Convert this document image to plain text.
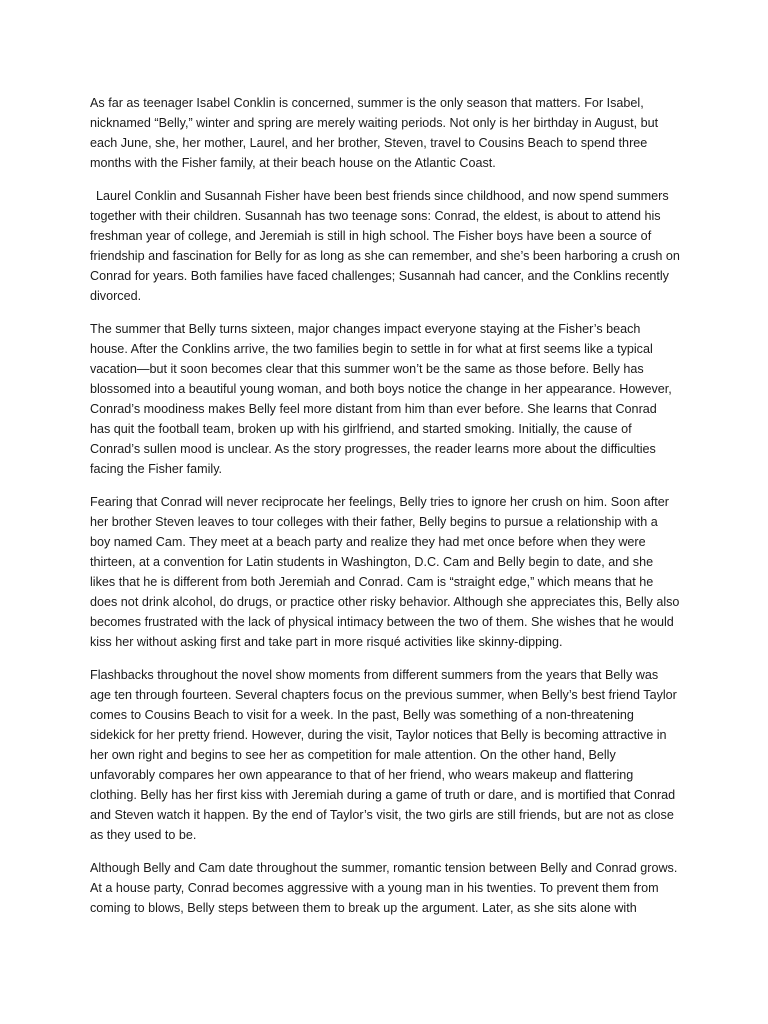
As far as teenager Isabel Conklin is concerned, summer is the only season that matters. For Isabel, nicknamed “Belly,” winter and spring are merely waiting periods. Not only is her birthday in August, but each June, she, her mother, Laurel, and her brother, Steven, travel to Cousins Beach to spend three months with the Fisher family, at their beach house on the Atlantic Coast.

Laurel Conklin and Susannah Fisher have been best friends since childhood, and now spend summers together with their children. Susannah has two teenage sons: Conrad, the eldest, is about to attend his freshman year of college, and Jeremiah is still in high school. The Fisher boys have been a source of friendship and fascination for Belly for as long as she can remember, and she’s been harboring a crush on Conrad for years. Both families have faced challenges; Susannah had cancer, and the Conklins recently divorced.

The summer that Belly turns sixteen, major changes impact everyone staying at the Fisher’s beach house. After the Conklins arrive, the two families begin to settle in for what at first seems like a typical vacation—but it soon becomes clear that this summer won’t be the same as those before. Belly has blossomed into a beautiful young woman, and both boys notice the change in her appearance. However, Conrad’s moodiness makes Belly feel more distant from him than ever before. She learns that Conrad has quit the football team, broken up with his girlfriend, and started smoking. Initially, the cause of Conrad’s sullen mood is unclear. As the story progresses, the reader learns more about the difficulties facing the Fisher family.

Fearing that Conrad will never reciprocate her feelings, Belly tries to ignore her crush on him. Soon after her brother Steven leaves to tour colleges with their father, Belly begins to pursue a relationship with a boy named Cam. They meet at a beach party and realize they had met once before when they were thirteen, at a convention for Latin students in Washington, D.C. Cam and Belly begin to date, and she likes that he is different from both Jeremiah and Conrad. Cam is “straight edge,” which means that he does not drink alcohol, do drugs, or practice other risky behavior. Although she appreciates this, Belly also becomes frustrated with the lack of physical intimacy between the two of them. She wishes that he would kiss her without asking first and take part in more risqué activities like skinny-dipping.

Flashbacks throughout the novel show moments from different summers from the years that Belly was age ten through fourteen. Several chapters focus on the previous summer, when Belly’s best friend Taylor comes to Cousins Beach to visit for a week. In the past, Belly was something of a non-threatening sidekick for her pretty friend. However, during the visit, Taylor notices that Belly is becoming attractive in her own right and begins to see her as competition for male attention. On the other hand, Belly unfavorably compares her own appearance to that of her friend, who wears makeup and flattering clothing. Belly has her first kiss with Jeremiah during a game of truth or dare, and is mortified that Conrad and Steven watch it happen. By the end of Taylor’s visit, the two girls are still friends, but are not as close as they used to be.

Although Belly and Cam date throughout the summer, romantic tension between Belly and Conrad grows. At a house party, Conrad becomes aggressive with a young man in his twenties. To prevent them from coming to blows, Belly steps between them to break up the argument. Later, as she sits alone with
